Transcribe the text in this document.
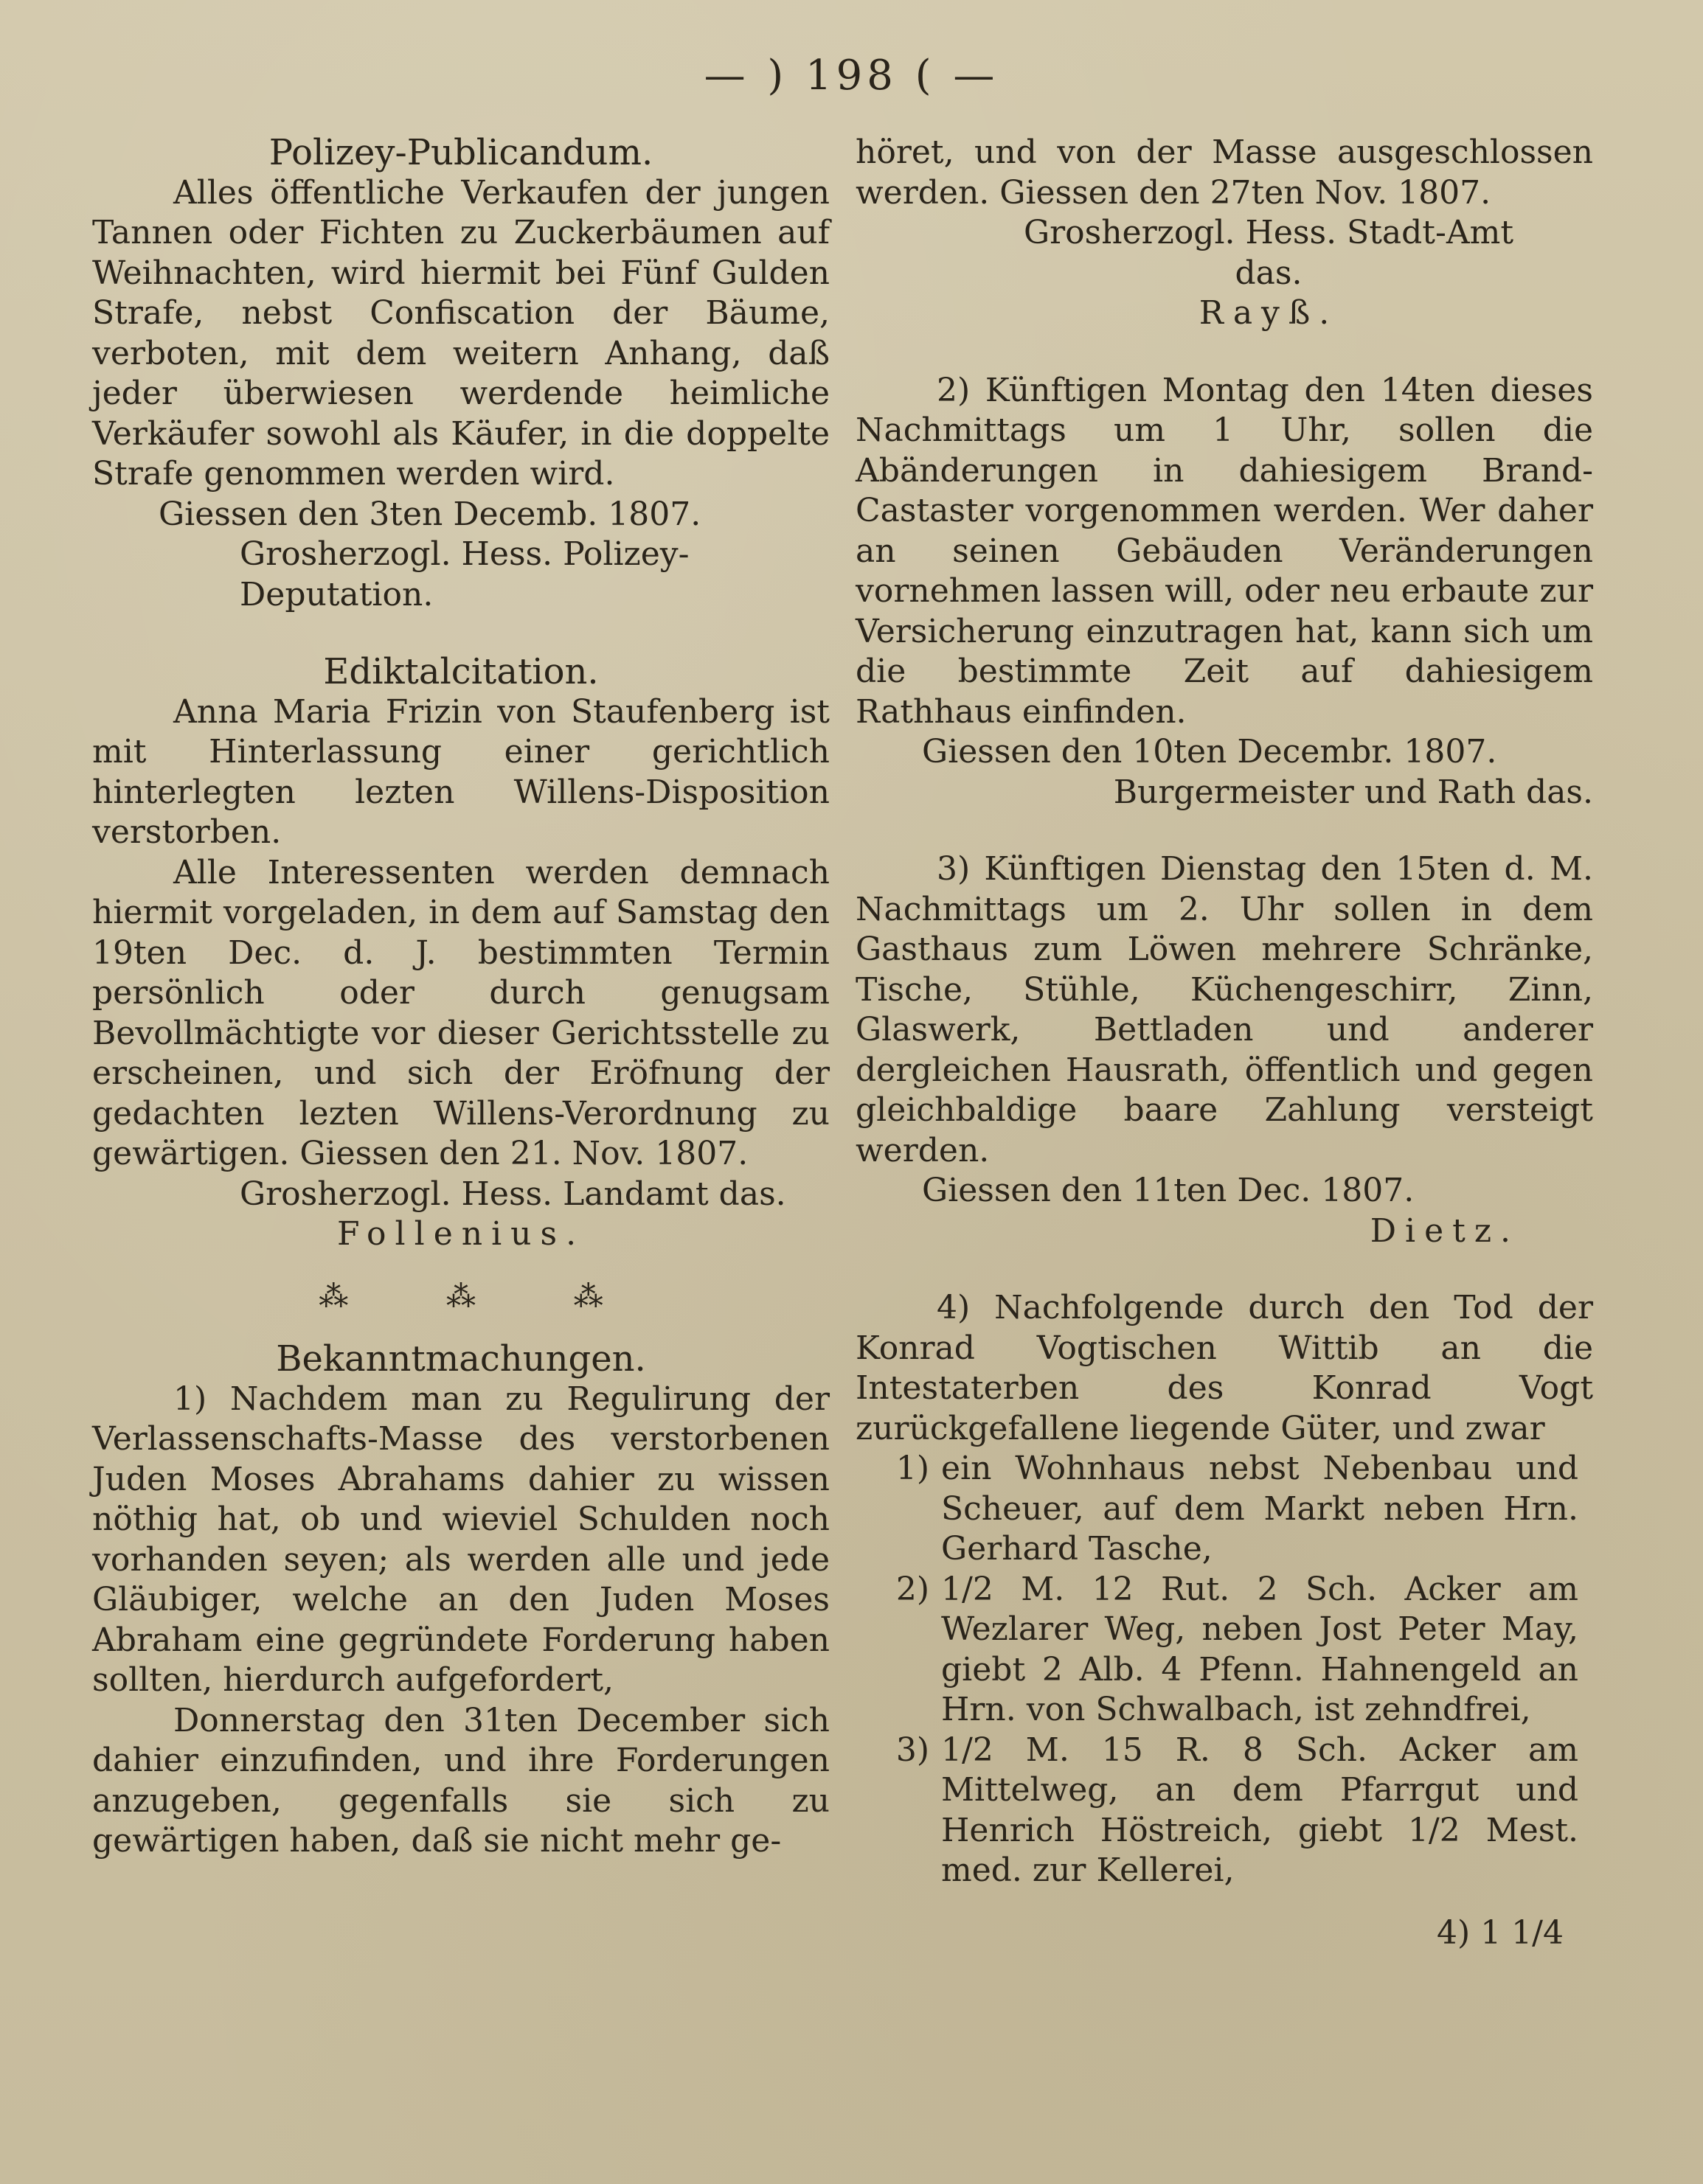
— ) 198 ( —

Polizey-Publicandum.

Alles öffentliche Verkaufen der jungen Tannen oder Fichten zu Zuckerbäumen auf Weihnachten, wird hiermit bei Fünf Gulden Strafe, nebst Confiscation der Bäume, verboten, mit dem weitern Anhang, daß jeder überwiesen werdende heimliche Verkäufer sowohl als Käufer, in die doppelte Strafe genommen werden wird.

Giessen den 3ten Decemb. 1807.

Grosherzogl. Hess. Polizey-Deputation.

Ediktalcitation.

Anna Maria Frizin von Staufenberg ist mit Hinterlassung einer gerichtlich hinterlegten lezten Willens-Disposition verstorben.

Alle Interessenten werden demnach hiermit vorgeladen, in dem auf Samstag den 19ten Dec. d. J. bestimmten Termin persönlich oder durch genugsam Bevollmächtigte vor dieser Gerichtsstelle zu erscheinen, und sich der Eröfnung der gedachten lezten Willens-Verordnung zu gewärtigen. Giessen den 21. Nov. 1807.

Grosherzogl. Hess. Landamt das.

Follenius.

⁂ ⁂ ⁂

Bekanntmachungen.

1) Nachdem man zu Regulirung der Verlassenschafts-Masse des verstorbenen Juden Moses Abrahams dahier zu wissen nöthig hat, ob und wieviel Schulden noch vorhanden seyen; als werden alle und jede Gläubiger, welche an den Juden Moses Abraham eine gegründete Forderung haben sollten, hierdurch aufgefordert,

Donnerstag den 31ten December sich dahier einzufinden, und ihre Forderungen anzugeben, gegenfalls sie sich zu gewärtigen haben, daß sie nicht mehr ge-

höret, und von der Masse ausgeschlossen werden. Giessen den 27ten Nov. 1807.

Grosherzogl. Hess. Stadt-Amt

das.

Rayß.

2) Künftigen Montag den 14ten dieses Nachmittags um 1 Uhr, sollen die Abänderungen in dahiesigem Brand-Castaster vorgenommen werden. Wer daher an seinen Gebäuden Veränderungen vornehmen lassen will, oder neu erbaute zur Versicherung einzutragen hat, kann sich um die bestimmte Zeit auf dahiesigem Rathhaus einfinden.

Giessen den 10ten Decembr. 1807.

Burgermeister und Rath das.

3) Künftigen Dienstag den 15ten d. M. Nachmittags um 2. Uhr sollen in dem Gasthaus zum Löwen mehrere Schränke, Tische, Stühle, Küchengeschirr, Zinn, Glaswerk, Bettladen und anderer dergleichen Hausrath, öffentlich und gegen gleichbaldige baare Zahlung versteigt werden.

Giessen den 11ten Dec. 1807.

Dietz.

4) Nachfolgende durch den Tod der Konrad Vogtischen Wittib an die Intestaterben des Konrad Vogt zurückgefallene liegende Güter, und zwar

1) ein Wohnhaus nebst Nebenbau und Scheuer, auf dem Markt neben Hrn. Gerhard Tasche,
2) 1/2 M. 12 Rut. 2 Sch. Acker am Wezlarer Weg, neben Jost Peter May, giebt 2 Alb. 4 Pfenn. Hahnengeld an Hrn. von Schwalbach, ist zehndfrei,
3) 1/2 M. 15 R. 8 Sch. Acker am Mittelweg, an dem Pfarrgut und Henrich Höstreich, giebt 1/2 Mest. med. zur Kellerei,

4) 1 1/4
